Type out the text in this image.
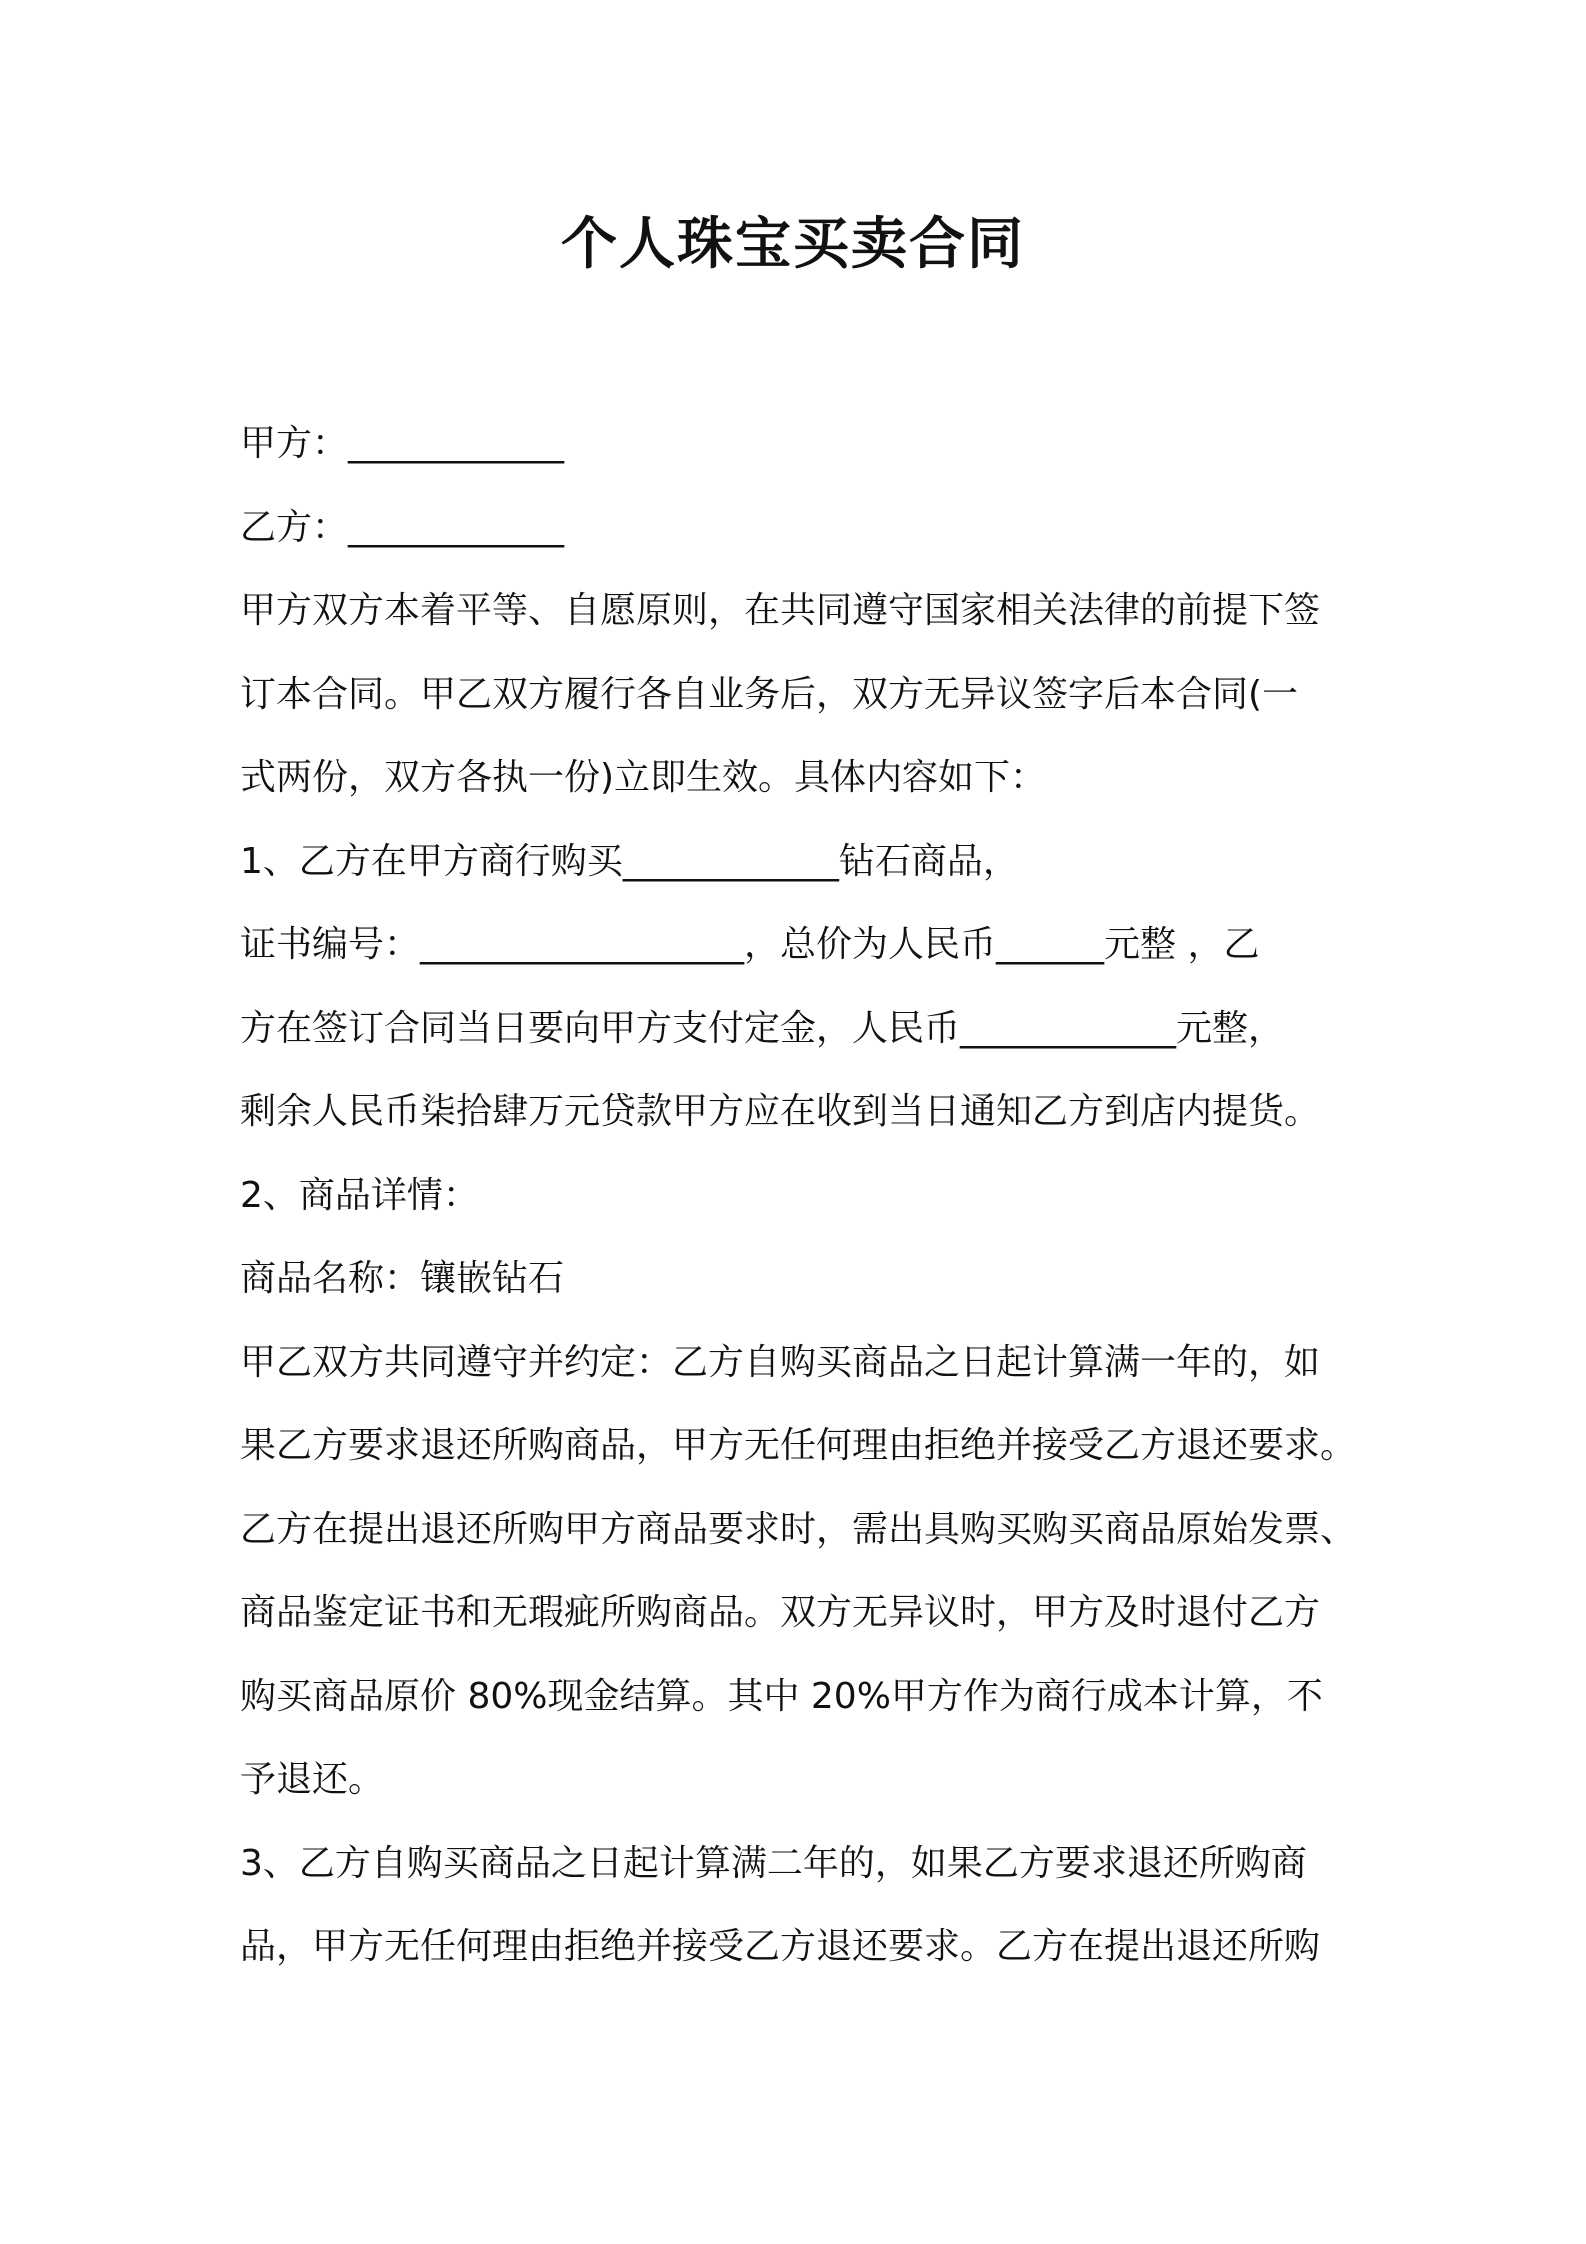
个人珠宝买卖合同

甲方：____________

乙方：____________

甲方双方本着平等、自愿原则，在共同遵守国家相关法律的前提下签

订本合同。甲乙双方履行各自业务后，双方无异议签字后本合同(一

式两份，双方各执一份)立即生效。具体内容如下：

1、乙方在甲方商行购买____________钻石商品，

证书编号：__________________，总价为人民币______元整 ，乙

方在签订合同当日要向甲方支付定金，人民币____________元整，

剩余人民币柒拾肆万元贷款甲方应在收到当日通知乙方到店内提货。

2、商品详情：

商品名称：镶嵌钻石

甲乙双方共同遵守并约定：乙方自购买商品之日起计算满一年的，如

果乙方要求退还所购商品，甲方无任何理由拒绝并接受乙方退还要求。

乙方在提出退还所购甲方商品要求时，需出具购买购买商品原始发票、

商品鉴定证书和无瑕疵所购商品。双方无异议时，甲方及时退付乙方

购买商品原价 80%现金结算。其中 20%甲方作为商行成本计算，不

予退还。

3、乙方自购买商品之日起计算满二年的，如果乙方要求退还所购商

品，甲方无任何理由拒绝并接受乙方退还要求。乙方在提出退还所购
